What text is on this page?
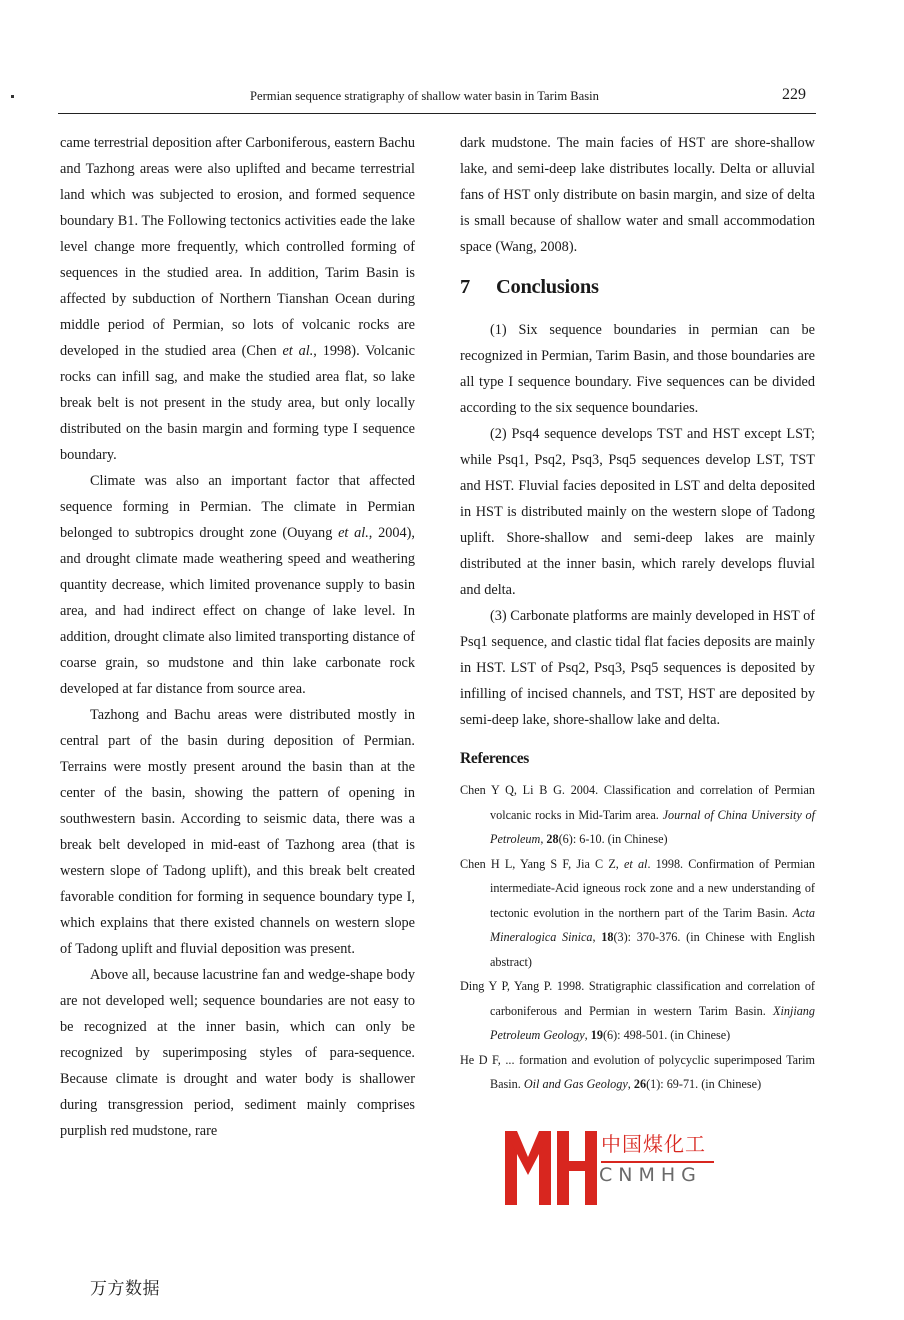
Permian sequence stratigraphy of shallow water basin in Tarim Basin	229

came terrestrial deposition after Carboniferous, eastern Bachu and Tazhong areas were also uplifted and became terrestrial land which was subjected to erosion, and formed sequence boundary B1. The Following tectonics activities eade the lake level change more frequently, which controlled forming of sequences in the studied area. In addition, Tarim Basin is affected by subduction of Northern Tianshan Ocean during middle period of Permian, so lots of volcanic rocks are developed in the studied area (Chen et al., 1998). Volcanic rocks can infill sag, and make the studied area flat, so lake break belt is not present in the study area, but only locally distributed on the basin margin and forming type I sequence boundary.

Climate was also an important factor that affected sequence forming in Permian. The climate in Permian belonged to subtropics drought zone (Ouyang et al., 2004), and drought climate made weathering speed and weathering quantity decrease, which limited provenance supply to basin area, and had indirect effect on change of lake level. In addition, drought climate also limited transporting distance of coarse grain, so mudstone and thin lake carbonate rock developed at far distance from source area.

Tazhong and Bachu areas were distributed mostly in central part of the basin during deposition of Permian. Terrains were mostly present around the basin than at the center of the basin, showing the pattern of opening in southwestern basin. According to seismic data, there was a break belt developed in mid-east of Tazhong area (that is western slope of Tadong uplift), and this break belt created favorable condition for forming in sequence boundary type I, which explains that there existed channels on western slope of Tadong uplift and fluvial deposition was present.

Above all, because lacustrine fan and wedge-shape body are not developed well; sequence boundaries are not easy to be recognized at the inner basin, which can only be recognized by superimposing styles of para-sequence. Because climate is drought and water body is shallower during transgression period, sediment mainly comprises purplish red mudstone, rare

dark mudstone. The main facies of HST are shore-shallow lake, and semi-deep lake distributes locally. Delta or alluvial fans of HST only distribute on basin margin, and size of delta is small because of shallow water and small accommodation space (Wang, 2008).

7 Conclusions

(1) Six sequence boundaries in permian can be recognized in Permian, Tarim Basin, and those boundaries are all type I sequence boundary. Five sequences can be divided according to the six sequence boundaries.

(2) Psq4 sequence develops TST and HST except LST; while Psq1, Psq2, Psq3, Psq5 sequences develop LST, TST and HST. Fluvial facies deposited in LST and delta deposited in HST is distributed mainly on the western slope of Tadong uplift. Shore-shallow and semi-deep lakes are mainly distributed at the inner basin, which rarely develops fluvial and delta.

(3) Carbonate platforms are mainly developed in HST of Psq1 sequence, and clastic tidal flat facies deposits are mainly in HST. LST of Psq2, Psq3, Psq5 sequences is deposited by infilling of incised channels, and TST, HST are deposited by semi-deep lake, shore-shallow lake and delta.

References

Chen Y Q, Li B G. 2004. Classification and correlation of Permian volcanic rocks in Mid-Tarim area. Journal of China University of Petroleum, 28(6): 6-10. (in Chinese)

Chen H L, Yang S F, Jia C Z, et al. 1998. Confirmation of Permian intermediate-Acid igneous rock zone and a new understanding of tectonic evolution in the northern part of the Tarim Basin. Acta Mineralogica Sinica, 18(3): 370-376. (in Chinese with English abstract)

Ding Y P, Yang P. 1998. Stratigraphic classification and correlation of carboniferous and Permian in western Tarim Basin. Xinjiang Petroleum Geology, 19(6): 498-501. (in Chinese)

He D F, ... formation and evolution of polycyclic superimposed Tarim Basin. Oil and Gas Geology, 26(1): 69-71. (in Chinese)

中国煤化工
CNMHG
万方数据
